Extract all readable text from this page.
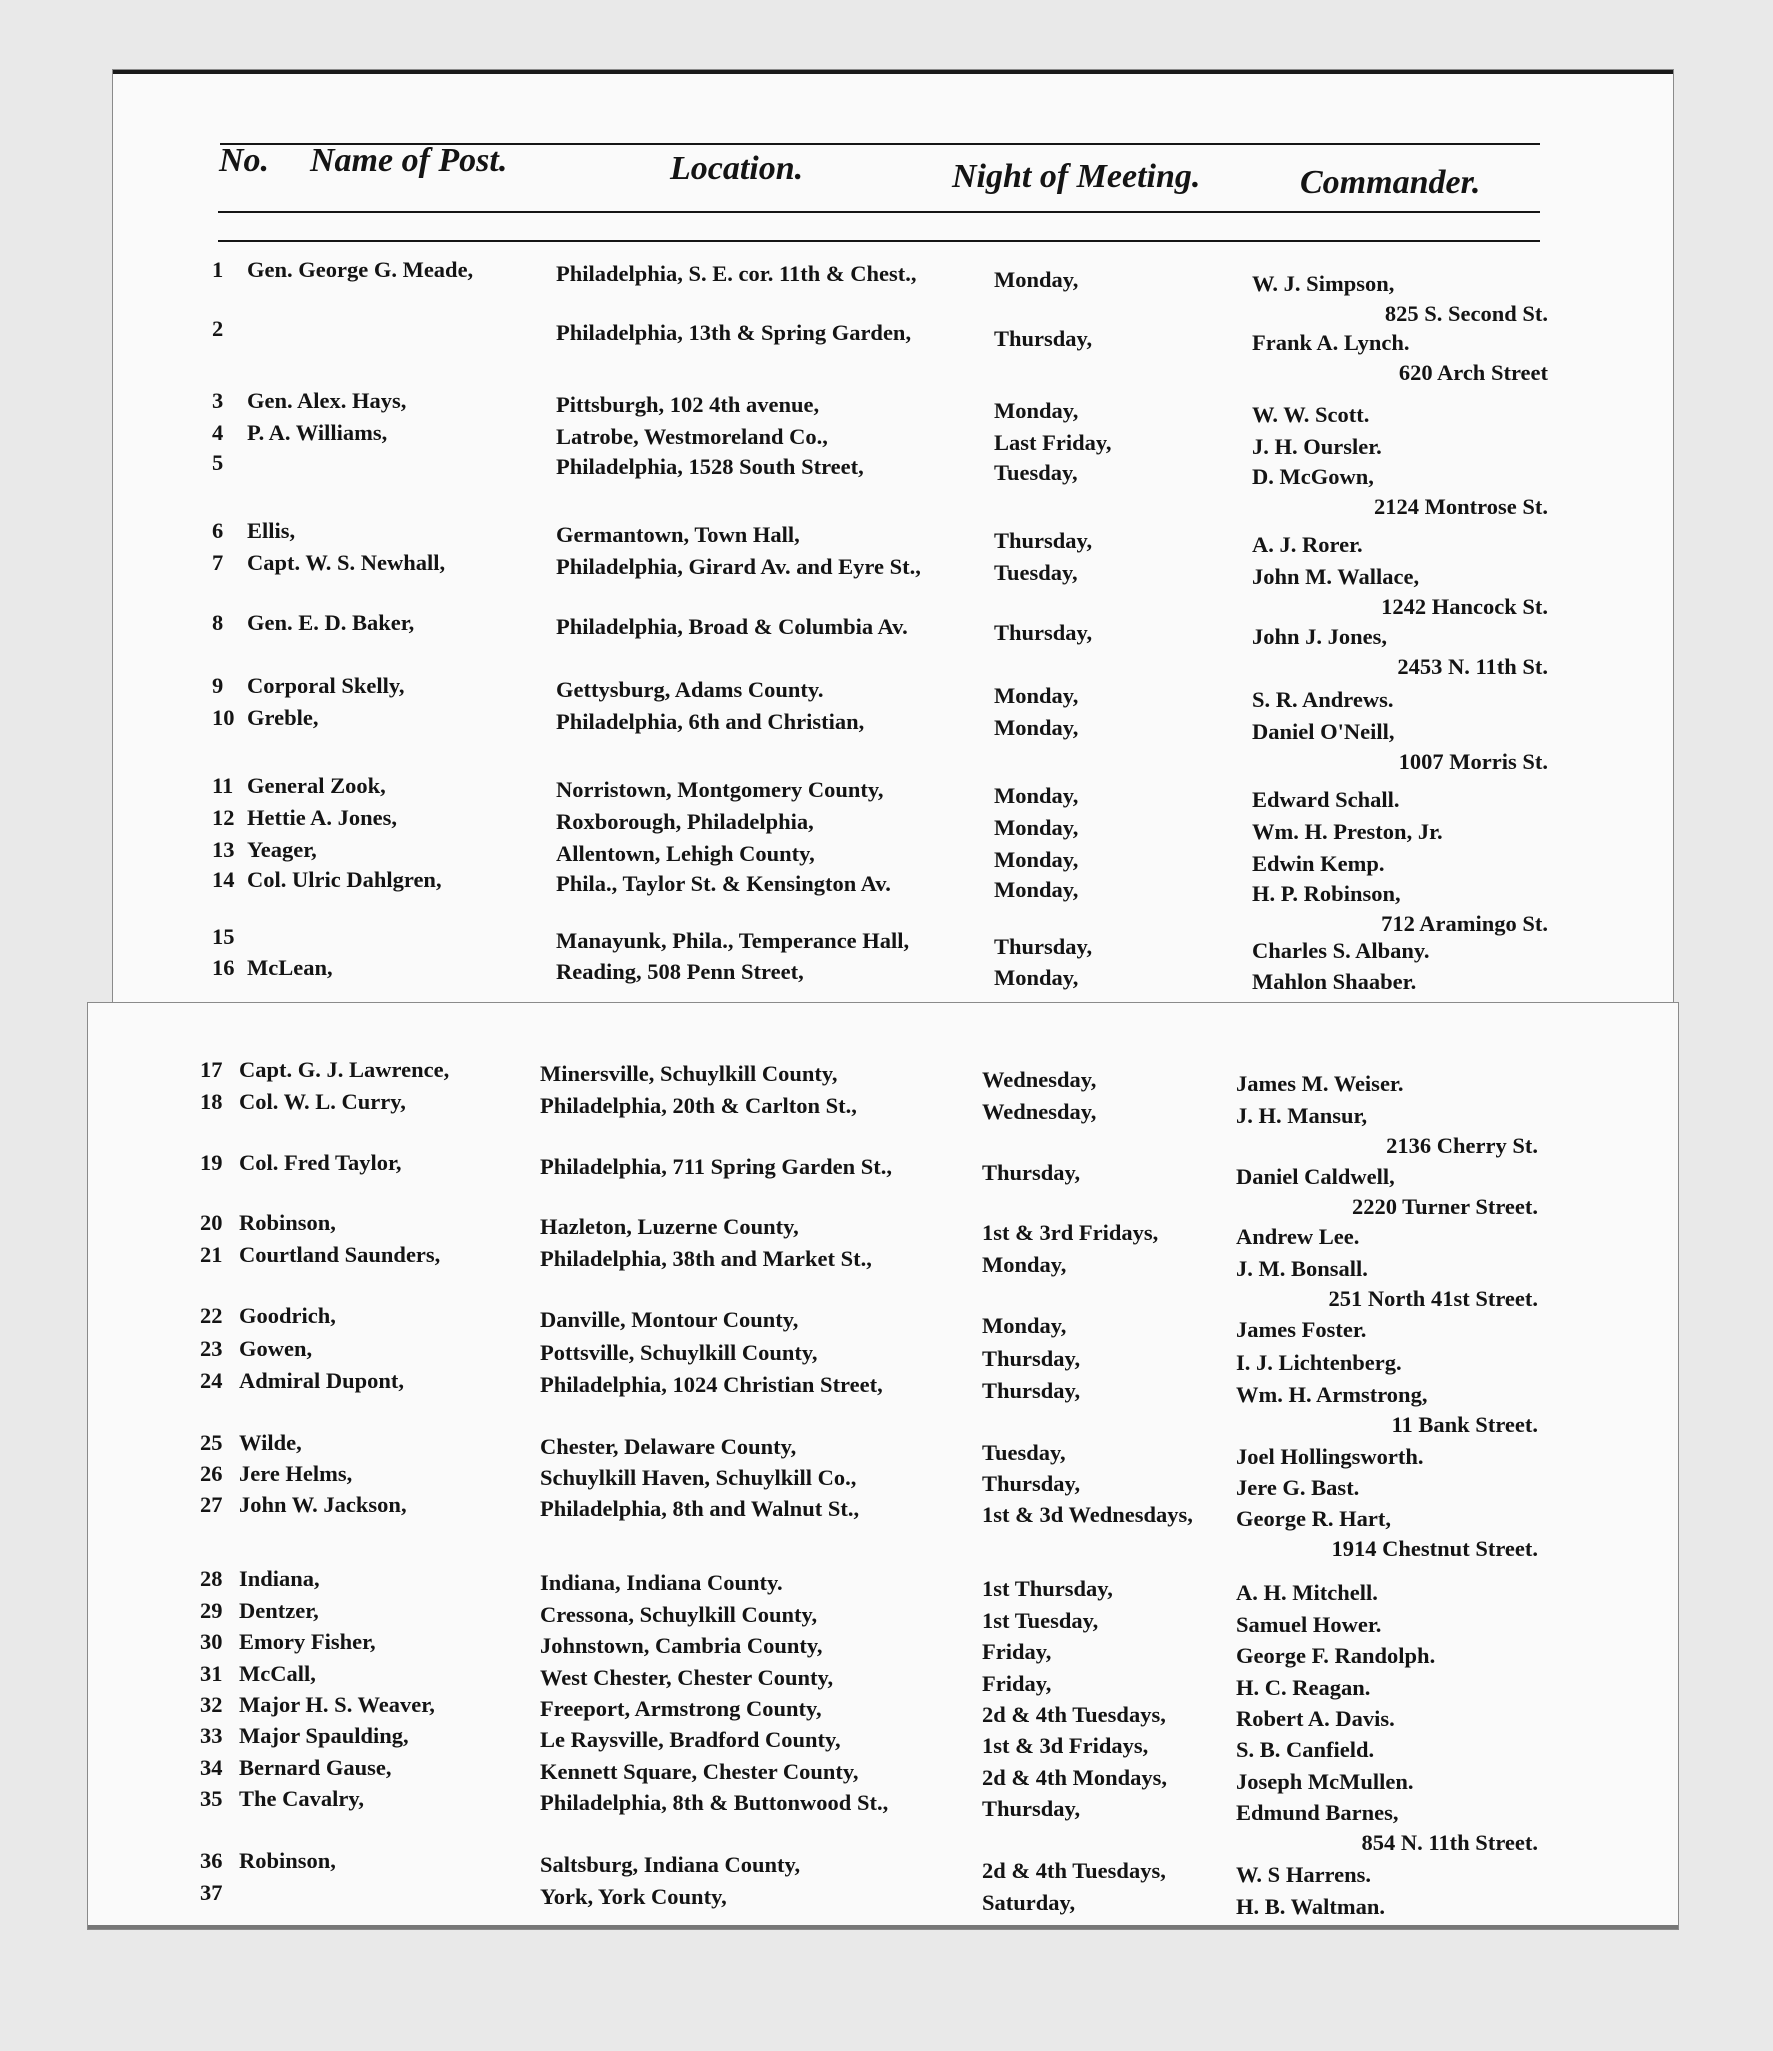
No. Name of Post.	Location.	Night of Meeting.	Commander.
1 Gen. George G. Meade,	Philadelphia, S. E. cor. 11th & Chest.,	Monday,	W. J. Simpson,
825 S. Second St.
2	Philadelphia, 13th & Spring Garden,	Thursday,	Frank A. Lynch.
620 Arch Street
3 Gen. Alex. Hays,	Pittsburgh, 102 4th avenue,	Monday,	W. W. Scott.
4 P. A. Williams,	Latrobe, Westmoreland Co.,	Last Friday,	J. H. Oursler.
5	Philadelphia, 1528 South Street,	Tuesday,	D. McGown,
2124 Montrose St.
6 Ellis,	Germantown, Town Hall,	Thursday,	A. J. Rorer.
7 Capt. W. S. Newhall,	Philadelphia, Girard Av. and Eyre St.,	Tuesday,	John M. Wallace,
1242 Hancock St.
8 Gen. E. D. Baker,	Philadelphia, Broad & Columbia Av.	Thursday,	John J. Jones,
2453 N. 11th St.
9 Corporal Skelly,	Gettysburg, Adams County.	Monday,	S. R. Andrews.
10 Greble,	Philadelphia, 6th and Christian,	Monday,	Daniel O'Neill,
1007 Morris St.
11 General Zook,	Norristown, Montgomery County,	Monday,	Edward Schall.
12 Hettie A. Jones,	Roxborough, Philadelphia,	Monday,	Wm. H. Preston, Jr.
13 Yeager,	Allentown, Lehigh County,	Monday,	Edwin Kemp.
14 Col. Ulric Dahlgren,	Phila., Taylor St. & Kensington Av.	Monday,	H. P. Robinson,
712 Aramingo St.
15	Manayunk, Phila., Temperance Hall,	Thursday,	Charles S. Albany.
16 McLean,	Reading, 508 Penn Street,	Monday,	Mahlon Shaaber.
17 Capt. G. J. Lawrence,	Minersville, Schuylkill County,	Wednesday,	James M. Weiser.
18 Col. W. L. Curry,	Philadelphia, 20th & Carlton St.,	Wednesday,	J. H. Mansur,
2136 Cherry St.
19 Col. Fred Taylor,	Philadelphia, 711 Spring Garden St.,	Thursday,	Daniel Caldwell,
2220 Turner Street.
20 Robinson,	Hazleton, Luzerne County,	1st & 3rd Fridays,	Andrew Lee.
21 Courtland Saunders,	Philadelphia, 38th and Market St.,	Monday,	J. M. Bonsall.
251 North 41st Street.
22 Goodrich,	Danville, Montour County,	Monday,	James Foster.
23 Gowen,	Pottsville, Schuylkill County,	Thursday,	I. J. Lichtenberg.
24 Admiral Dupont,	Philadelphia, 1024 Christian Street,	Thursday,	Wm. H. Armstrong,
11 Bank Street.
25 Wilde,	Chester, Delaware County,	Tuesday,	Joel Hollingsworth.
26 Jere Helms,	Schuylkill Haven, Schuylkill Co.,	Thursday,	Jere G. Bast.
27 John W. Jackson,	Philadelphia, 8th and Walnut St.,	1st & 3d Wednesdays, George R. Hart,
1914 Chestnut Street.
28 Indiana,	Indiana, Indiana County.	1st Thursday,	A. H. Mitchell.
29 Dentzer,	Cressona, Schuylkill County,	1st Tuesday,	Samuel Hower.
30 Emory Fisher,	Johnstown, Cambria County,	Friday,	George F. Randolph.
31 McCall,	West Chester, Chester County,	Friday,	H. C. Reagan.
32 Major H. S. Weaver,	Freeport, Armstrong County,	2d & 4th Tuesdays,	Robert A. Davis.
33 Major Spaulding,	Le Raysville, Bradford County,	1st & 3d Fridays,	S. B. Canfield.
34 Bernard Gause,	Kennett Square, Chester County,	2d & 4th Mondays,	Joseph McMullen.
35 The Cavalry,	Philadelphia, 8th & Buttonwood St.,	Thursday,	Edmund Barnes,
854 N. 11th Street.
36 Robinson,	Saltsburg, Indiana County,	2d & 4th Tuesdays,	W. S Harrens.
37	York, York County,	Saturday,	H. B. Waltman.
